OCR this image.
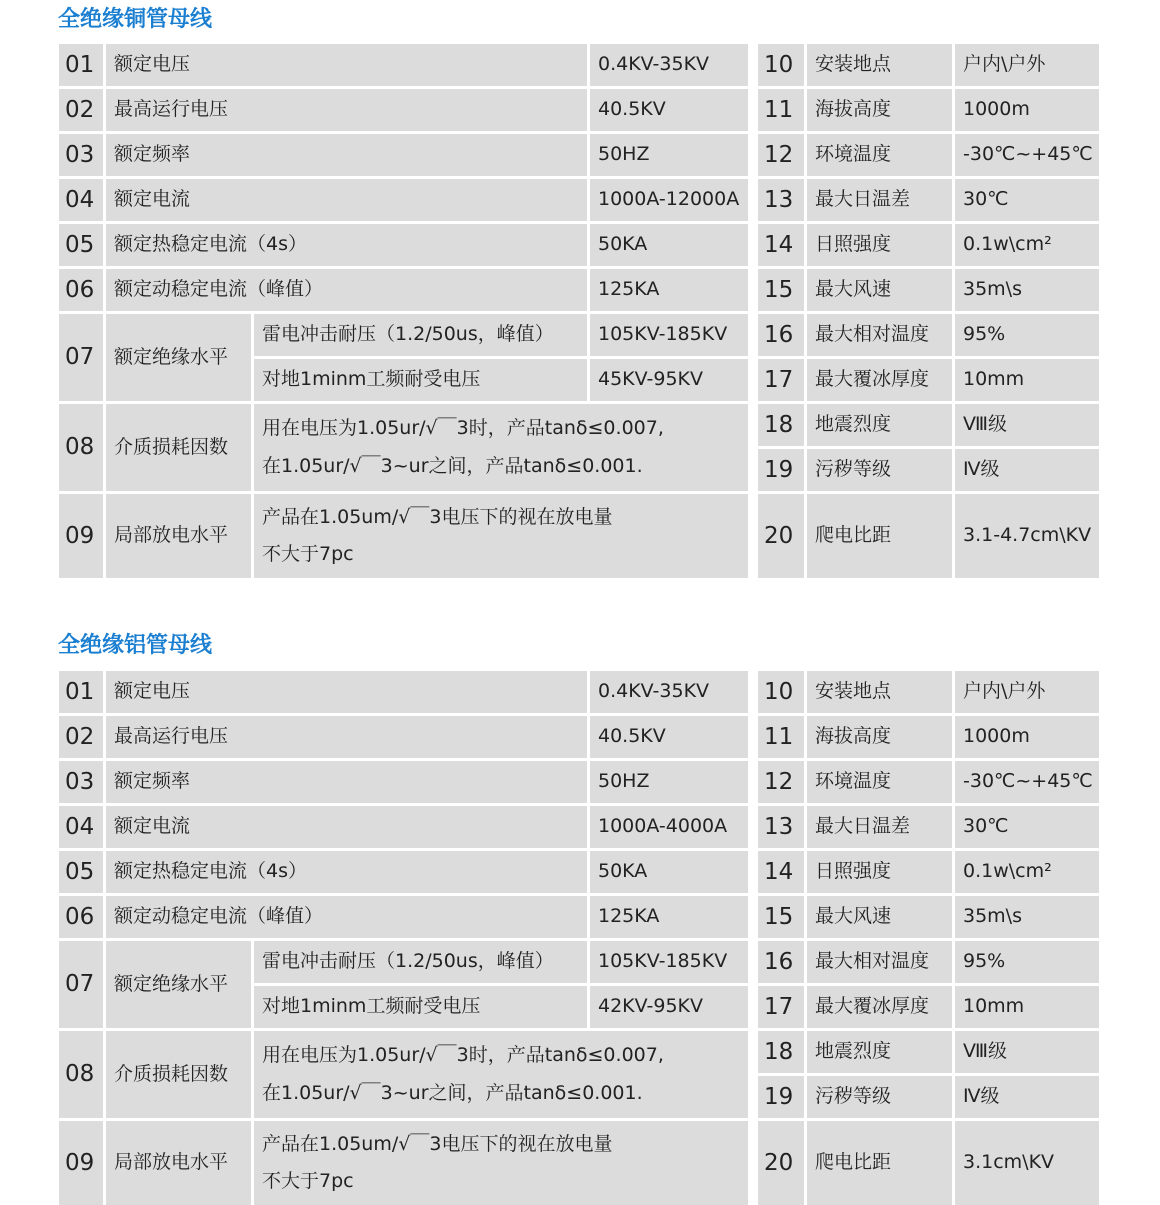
全绝缘铜管母线
01	额定电压	0.4KV-35KV
02	最高运行电压	40.5KV
03	额定频率	50HZ
04	额定电流	1000A-12000A
05	额定热稳定电流（4s）	50KA
06	额定动稳定电流（峰值）	125KA
07	额定绝缘水平
雷电冲击耐压（1.2/50us，峰值）	105KV-185KV
对地1minm工频耐受电压	45KV-95KV
08	介质损耗因数
用在电压为1.05ur/√￣3时，产品tanδ≤0.007,
在1.05ur/√￣3~ur之间，产品tanδ≤0.001.
09	局部放电水平
产品在1.05um/√￣3电压下的视在放电量
不大于7pc
10	安装地点	户内\户外
11	海拔高度	1000m
12	环境温度	-30℃~+45℃
13	最大日温差	30℃
14	日照强度	0.1w\cm²
15	最大风速	35m\s
16	最大相对温度	95%
17	最大覆冰厚度	10mm
18	地震烈度	Ⅷ级
19	污秽等级	Ⅳ级
20	爬电比距	3.1-4.7cm\KV
全绝缘铝管母线
01	额定电压	0.4KV-35KV
02	最高运行电压	40.5KV
03	额定频率	50HZ
04	额定电流	1000A-4000A
05	额定热稳定电流（4s）	50KA
06	额定动稳定电流（峰值）	125KA
07	额定绝缘水平
雷电冲击耐压（1.2/50us，峰值）	105KV-185KV
对地1minm工频耐受电压	42KV-95KV
08	介质损耗因数
用在电压为1.05ur/√￣3时，产品tanδ≤0.007,
在1.05ur/√￣3~ur之间，产品tanδ≤0.001.
09	局部放电水平
产品在1.05um/√￣3电压下的视在放电量
不大于7pc
10	安装地点	户内\户外
11	海拔高度	1000m
12	环境温度	-30℃~+45℃
13	最大日温差	30℃
14	日照强度	0.1w\cm²
15	最大风速	35m\s
16	最大相对温度	95%
17	最大覆冰厚度	10mm
18	地震烈度	Ⅷ级
19	污秽等级	Ⅳ级
20	爬电比距	3.1cm\KV
